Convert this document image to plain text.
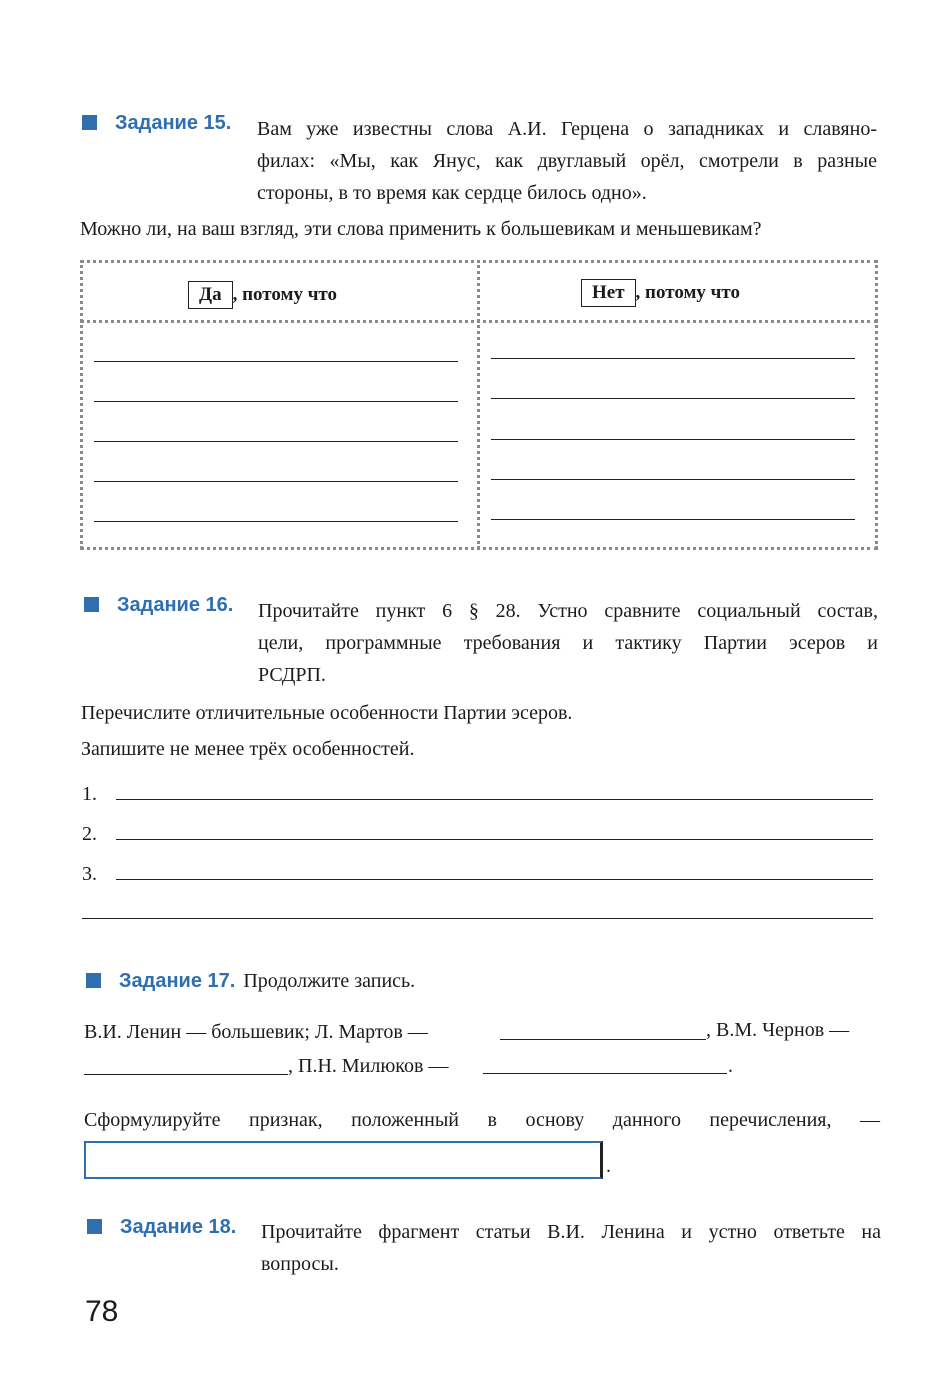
Задание 15. Вам уже известны слова А.И. Герцена о западниках и славяно-
филах: «Мы, как Янус, как двуглавый орёл, смотрели в разные
стороны, в то время как сердце билось одно».
Можно ли, на ваш взгляд, эти слова применить к большевикам и меньшевикам?
Да , потому что	Нет , потому что
Задание 16. Прочитайте пункт 6 § 28. Устно сравните социальный состав,
цели, программные требования и тактику Партии эсеров и
РСДРП.
Перечислите отличительные особенности Партии эсеров.
Запишите не менее трёх особенностей.
1.
2.
3.
Задание 17. Продолжите запись.
В.И. Ленин — большевик; Л. Мартов —	, В.М. Чернов —
, П.Н. Милюков —	.
Сформулируйте признак, положенный в основу данного перечисления, —
.
Задание 18. Прочитайте фрагмент статьи В.И. Ленина и устно ответьте на
вопросы.
78
